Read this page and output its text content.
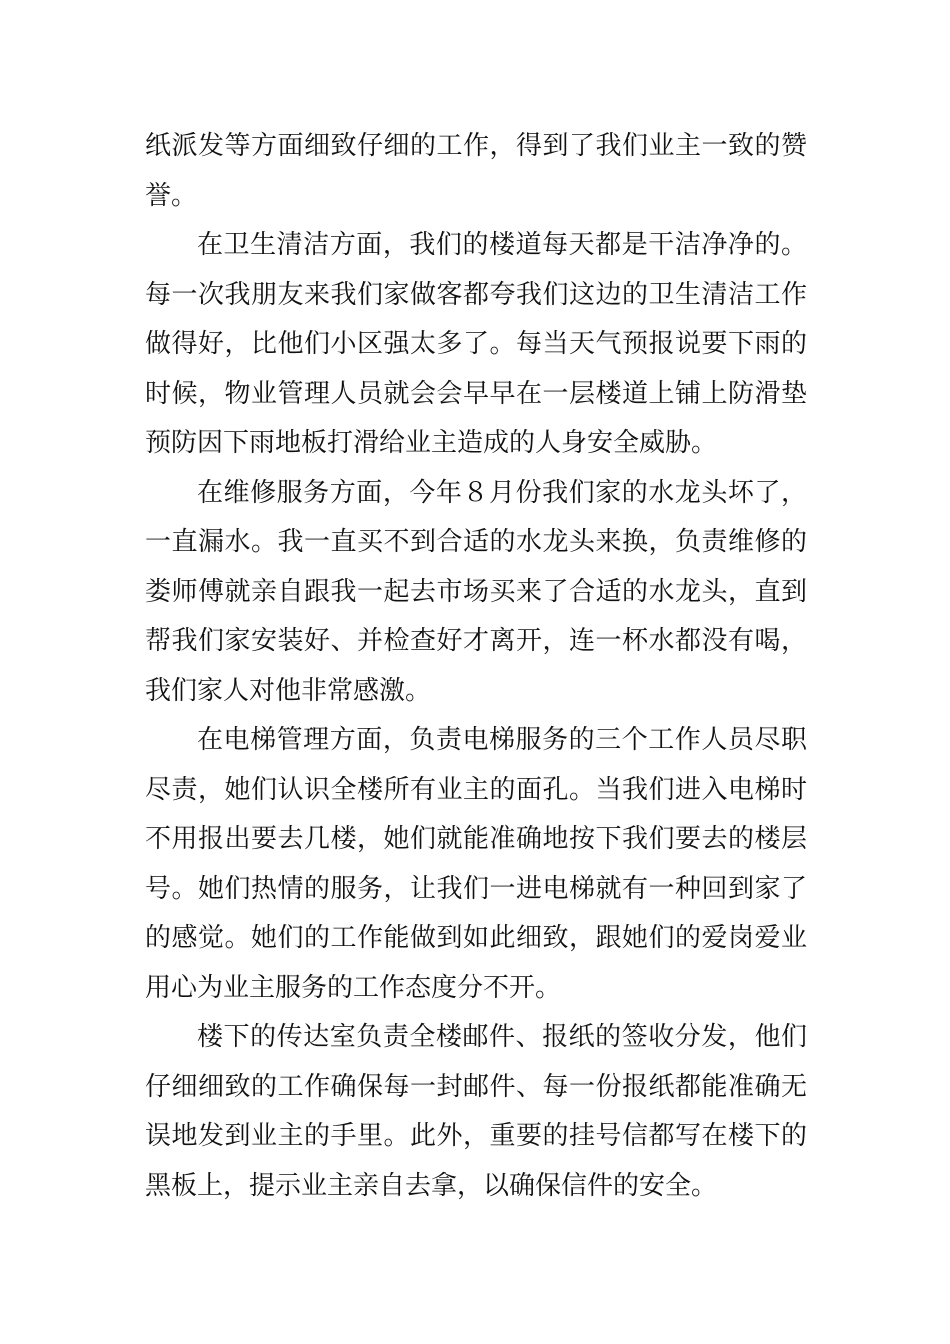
纸派发等方面细致仔细的工作，得到了我们业主一致的赞誉。

在卫生清洁方面，我们的楼道每天都是干洁净净的。每一次我朋友来我们家做客都夸我们这边的卫生清洁工作做得好，比他们小区强太多了。每当天气预报说要下雨的时候，物业管理人员就会会早早在一层楼道上铺上防滑垫预防因下雨地板打滑给业主造成的人身安全威胁。

在维修服务方面，今年８月份我们家的水龙头坏了，一直漏水。我一直买不到合适的水龙头来换，负责维修的娄师傅就亲自跟我一起去市场买来了合适的水龙头，直到帮我们家安装好、并检查好才离开，连一杯水都没有喝，我们家人对他非常感激。

在电梯管理方面，负责电梯服务的三个工作人员尽职尽责，她们认识全楼所有业主的面孔。当我们进入电梯时不用报出要去几楼，她们就能准确地按下我们要去的楼层号。她们热情的服务，让我们一进电梯就有一种回到家了的感觉。她们的工作能做到如此细致，跟她们的爱岗爱业用心为业主服务的工作态度分不开。

楼下的传达室负责全楼邮件、报纸的签收分发，他们仔细细致的工作确保每一封邮件、每一份报纸都能准确无误地发到业主的手里。此外，重要的挂号信都写在楼下的黑板上，提示业主亲自去拿，以确保信件的安全。
